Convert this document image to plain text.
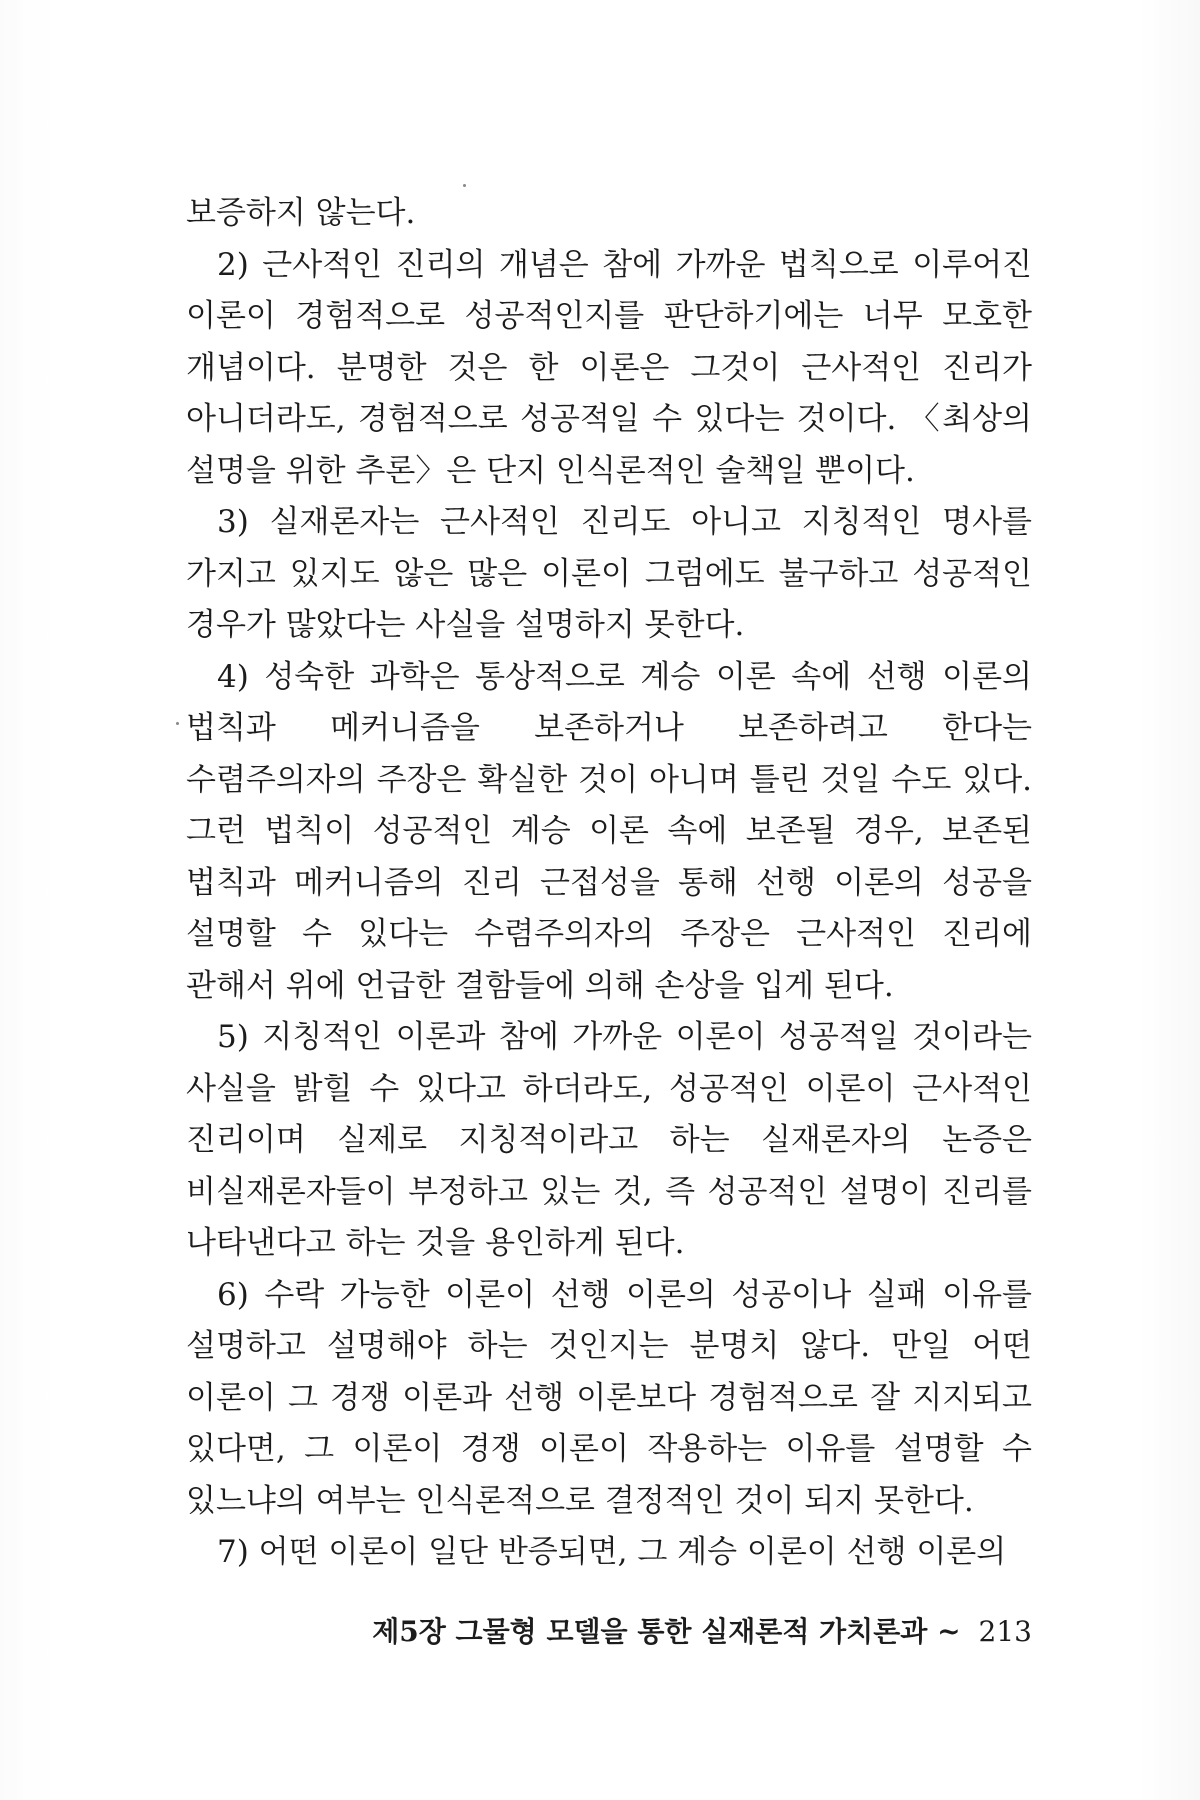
보증하지 않는다.

2) 근사적인 진리의 개념은 참에 가까운 법칙으로 이루어진 이론이 경험적으로 성공적인지를 판단하기에는 너무 모호한 개념이다. 분명한 것은 한 이론은 그것이 근사적인 진리가 아니더라도, 경험적으로 성공적일 수 있다는 것이다. 〈최상의 설명을 위한 추론〉은 단지 인식론적인 술책일 뿐이다.

3) 실재론자는 근사적인 진리도 아니고 지칭적인 명사를 가지고 있지도 않은 많은 이론이 그럼에도 불구하고 성공적인 경우가 많았다는 사실을 설명하지 못한다.

4) 성숙한 과학은 통상적으로 계승 이론 속에 선행 이론의 법칙과 메커니즘을 보존하거나 보존하려고 한다는 수렴주의자의 주장은 확실한 것이 아니며 틀린 것일 수도 있다. 그런 법칙이 성공적인 계승 이론 속에 보존될 경우, 보존된 법칙과 메커니즘의 진리 근접성을 통해 선행 이론의 성공을 설명할 수 있다는 수렴주의자의 주장은 근사적인 진리에 관해서 위에 언급한 결함들에 의해 손상을 입게 된다.

5) 지칭적인 이론과 참에 가까운 이론이 성공적일 것이라는 사실을 밝힐 수 있다고 하더라도, 성공적인 이론이 근사적인 진리이며 실제로 지칭적이라고 하는 실재론자의 논증은 비실재론자들이 부정하고 있는 것, 즉 성공적인 설명이 진리를 나타낸다고 하는 것을 용인하게 된다.

6) 수락 가능한 이론이 선행 이론의 성공이나 실패 이유를 설명하고 설명해야 하는 것인지는 분명치 않다. 만일 어떤 이론이 그 경쟁 이론과 선행 이론보다 경험적으로 잘 지지되고 있다면, 그 이론이 경쟁 이론이 작용하는 이유를 설명할 수 있느냐의 여부는 인식론적으로 결정적인 것이 되지 못한다.

7) 어떤 이론이 일단 반증되면, 그 계승 이론이 선행 이론의

제5장 그물형 모델을 통한 실재론적 가치론과 ~ 213
